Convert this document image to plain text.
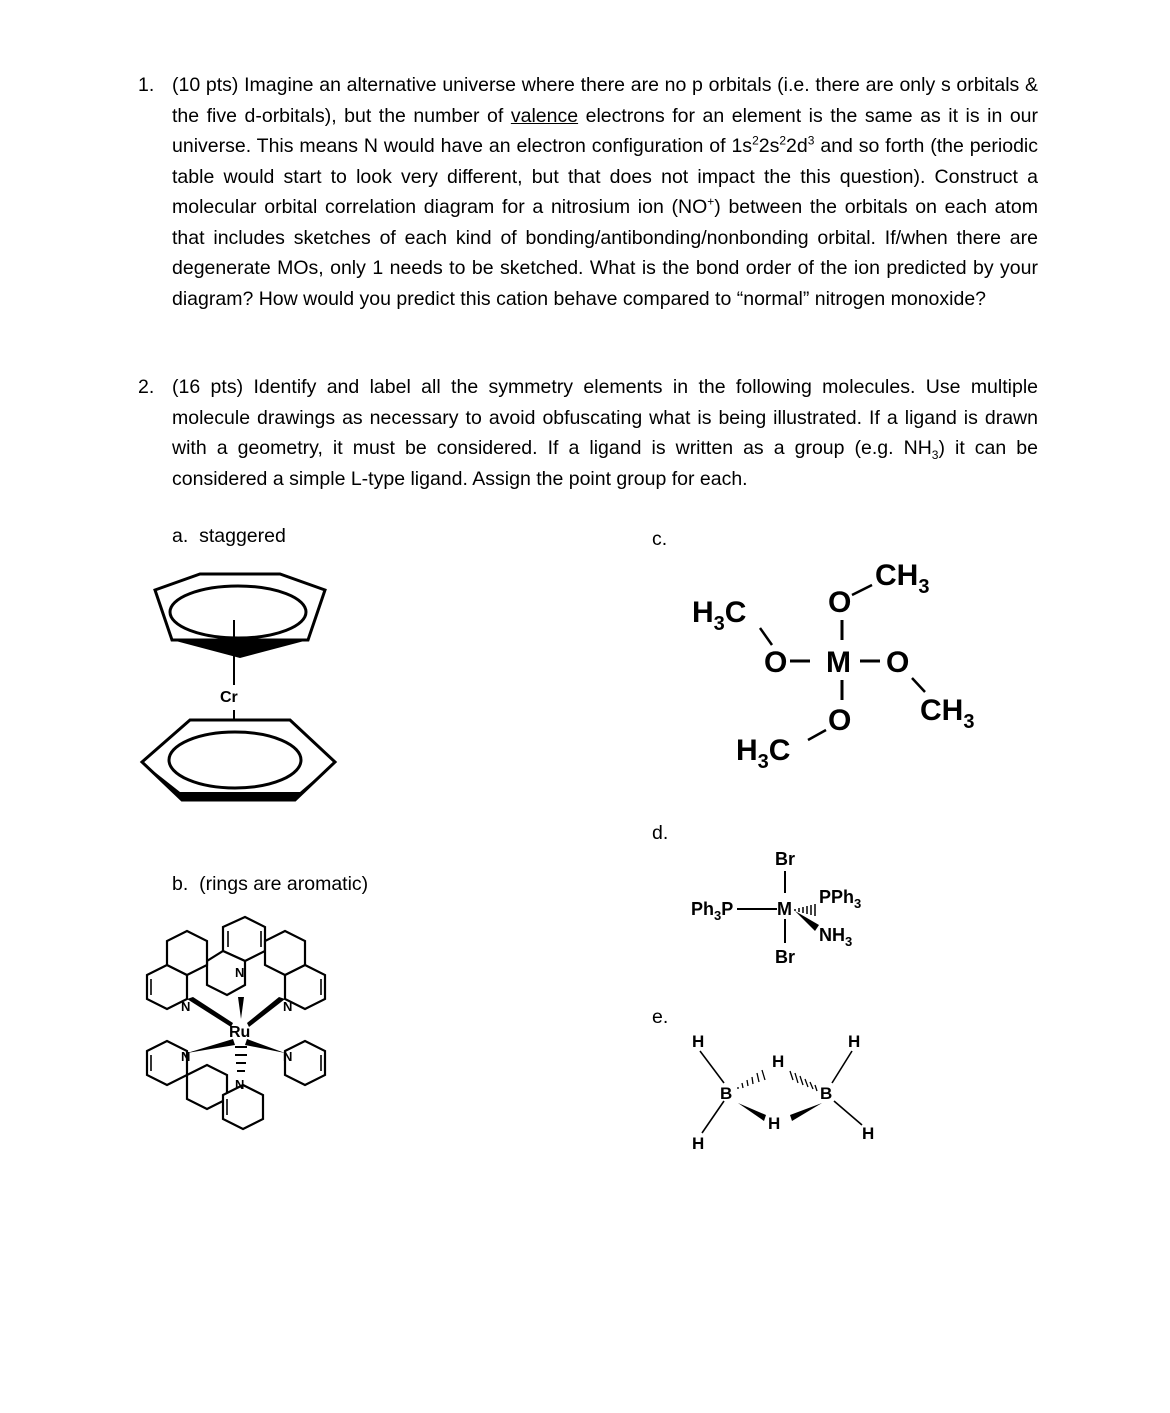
1. (10 pts) Imagine an alternative universe where there are no p orbitals (i.e. there are only s orbitals & the five d-orbitals), but the number of valence electrons for an element is the same as it is in our universe. This means N would have an electron configuration of $1s^22s^22d^3$ and so forth (the periodic table would start to look very different, but that does not impact the this question). Construct a molecular orbital correlation diagram for a nitrosium ion (NO+) between the orbitals on each atom that includes sketches of each kind of bonding/antibonding/nonbonding orbital. If/when there are degenerate MOs, only 1 needs to be sketched. What is the bond order of the ion predicted by your diagram? How would you predict this cation behave compared to “normal” nitrogen monoxide?
2. (16 pts) Identify and label all the symmetry elements in the following molecules. Use multiple molecule drawings as necessary to avoid obfuscating what is being illustrated. If a ligand is drawn with a geometry, it must be considered. If a ligand is written as a group (e.g. $NH_3$) it can be considered a simple L-type ligand. Assign the point group for each.
a. staggered
Cr
c.
$CH_3$
O
$H_3C$
O M O
$CH_3$
O
$H_3C$
d.
Br
$Ph_3P$ M
PPh$_3$
$NH_3$
Br
b. (rings are aromatic)
N
N	N
N	N
N
Ru
e.
H	H
B	B
H
H
H
H
